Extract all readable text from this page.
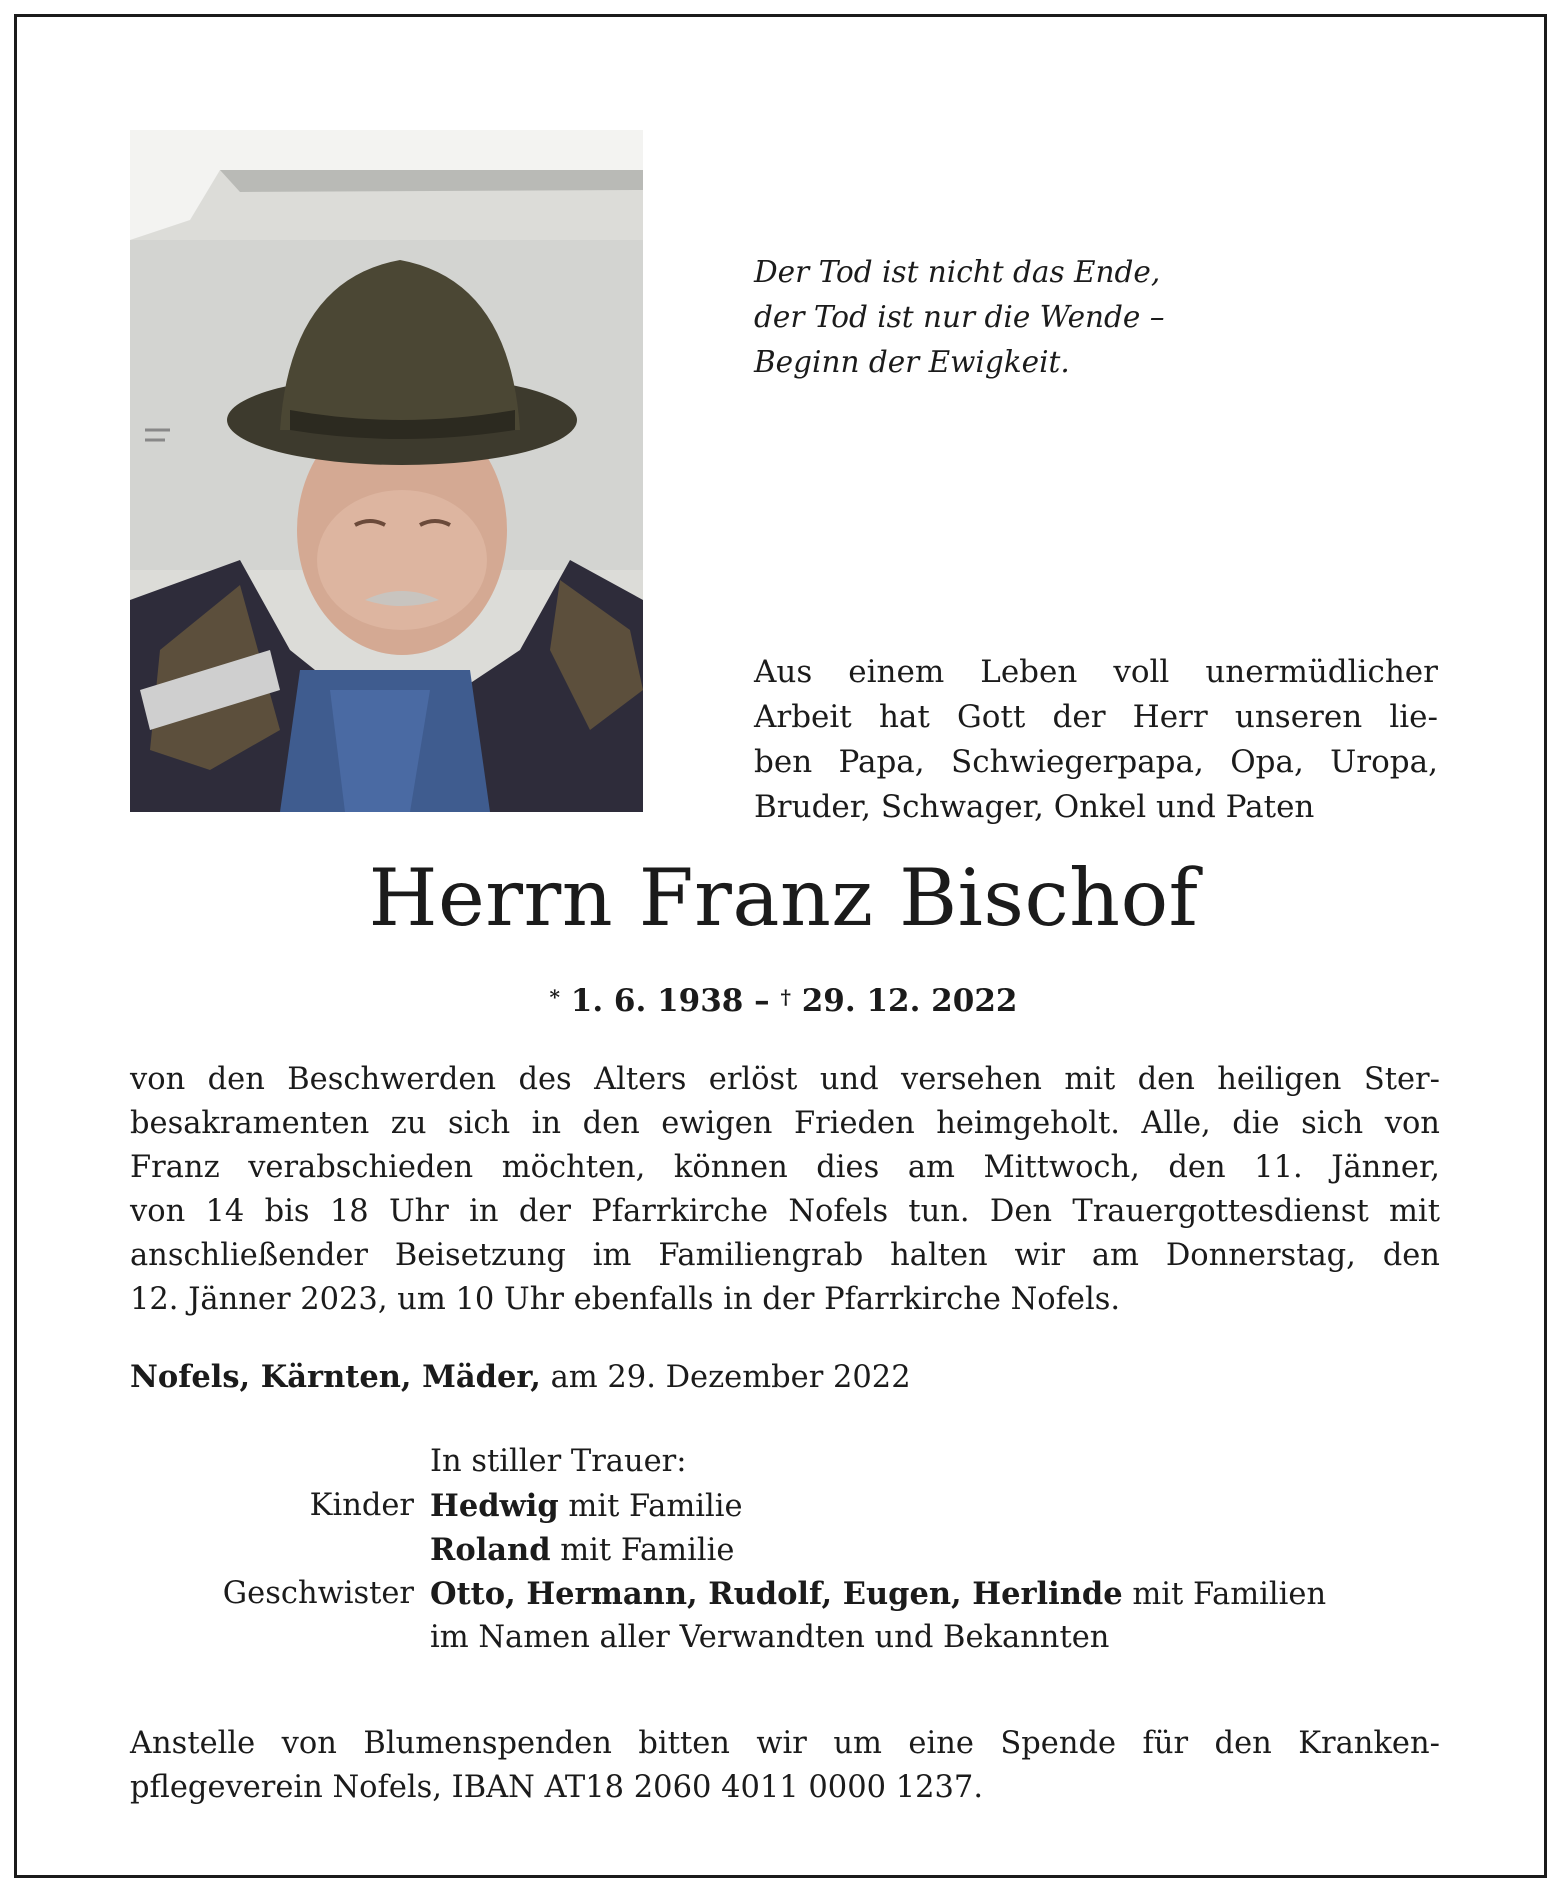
Der Tod ist nicht das Ende,
der Tod ist nur die Wende –
Beginn der Ewigkeit.
Aus einem Leben voll unermüdlicher
Arbeit hat Gott der Herr unseren lie-
ben Papa, Schwiegerpapa, Opa, Uropa,
Bruder, Schwager, Onkel und Paten
Herrn Franz Bischof
* 1. 6. 1938 – † 29. 12. 2022
von den Beschwerden des Alters erlöst und versehen mit den heiligen Ster-
besakramenten zu sich in den ewigen Frieden heimgeholt. Alle, die sich von
Franz verabschieden möchten, können dies am Mittwoch, den 11. Jänner,
von 14 bis 18 Uhr in der Pfarrkirche Nofels tun. Den Trauergottesdienst mit
anschließender Beisetzung im Familiengrab halten wir am Donnerstag, den
12. Jänner 2023, um 10 Uhr ebenfalls in der Pfarrkirche Nofels.
Nofels, Kärnten, Mäder, am 29. Dezember 2022
In stiller Trauer:
Kinder Hedwig mit Familie
Roland mit Familie
Geschwister Otto, Hermann, Rudolf, Eugen, Herlinde mit Familien
im Namen aller Verwandten und Bekannten
Anstelle von Blumenspenden bitten wir um eine Spende für den Kranken-
pflegeverein Nofels, IBAN AT18 2060 4011 0000 1237.
